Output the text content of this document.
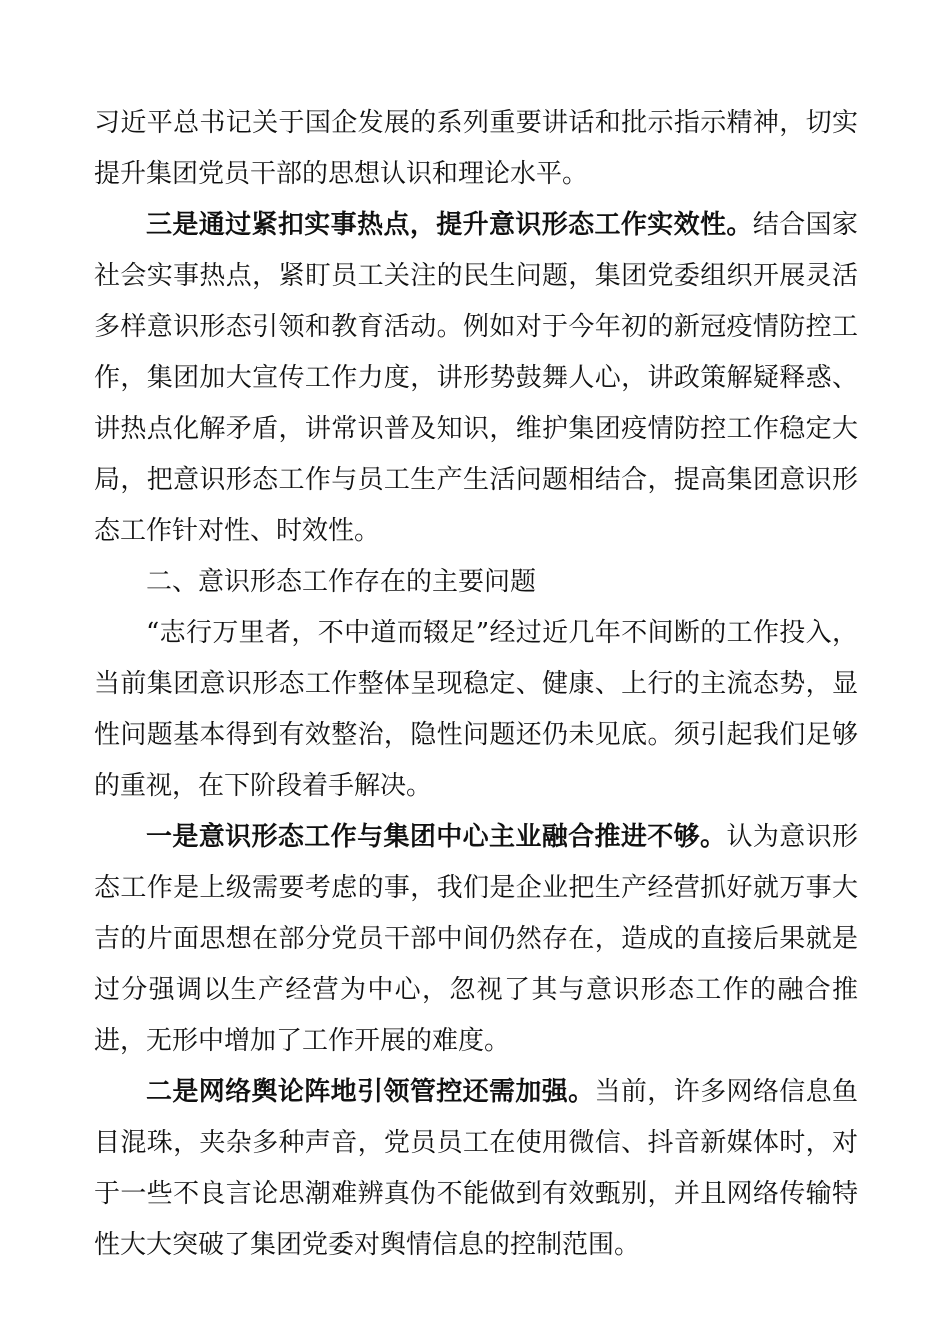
习近平总书记关于国企发展的系列重要讲话和批示指示精神，切实提升集团党员干部的思想认识和理论水平。

三是通过紧扣实事热点，提升意识形态工作实效性。结合国家社会实事热点，紧盯员工关注的民生问题，集团党委组织开展灵活多样意识形态引领和教育活动。例如对于今年初的新冠疫情防控工作，集团加大宣传工作力度，讲形势鼓舞人心，讲政策解疑释惑、讲热点化解矛盾，讲常识普及知识，维护集团疫情防控工作稳定大局，把意识形态工作与员工生产生活问题相结合，提高集团意识形态工作针对性、时效性。

二、意识形态工作存在的主要问题

“志行万里者，不中道而辍足”经过近几年不间断的工作投入，当前集团意识形态工作整体呈现稳定、健康、上行的主流态势，显性问题基本得到有效整治，隐性问题还仍未见底。须引起我们足够的重视，在下阶段着手解决。

一是意识形态工作与集团中心主业融合推进不够。认为意识形态工作是上级需要考虑的事，我们是企业把生产经营抓好就万事大吉的片面思想在部分党员干部中间仍然存在，造成的直接后果就是过分强调以生产经营为中心，忽视了其与意识形态工作的融合推进，无形中增加了工作开展的难度。

二是网络舆论阵地引领管控还需加强。当前，许多网络信息鱼目混珠，夹杂多种声音，党员员工在使用微信、抖音新媒体时，对于一些不良言论思潮难辨真伪不能做到有效甄别，并且网络传输特性大大突破了集团党委对舆情信息的控制范围。
